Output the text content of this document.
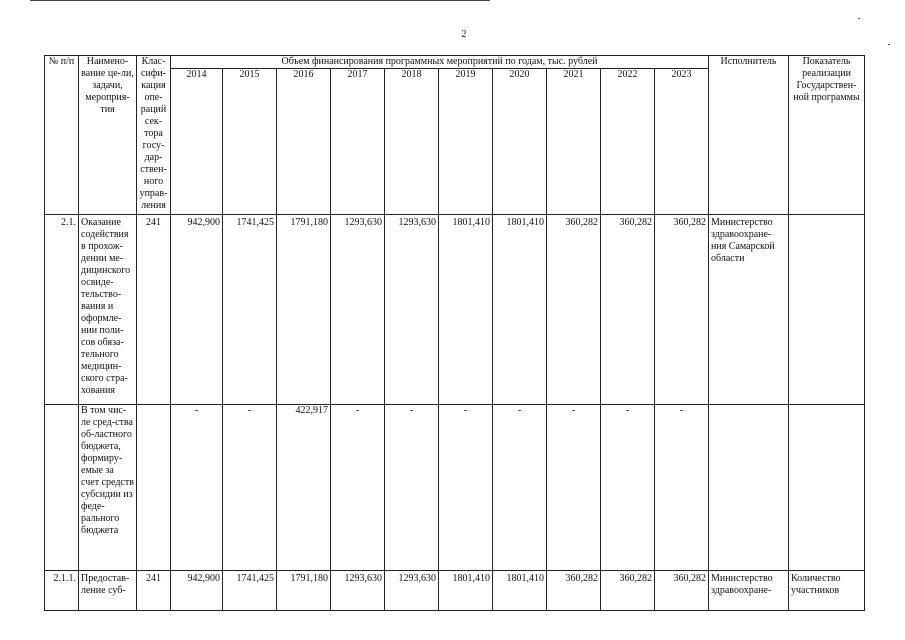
2
№ п/п	Наимено-вание це-ли, задачи, мероприя-тия	Клас-сифи-кация опе-раций сек-тора госу-дар-ствен-ного управ-ления	Объем финансирования программных мероприятий по годам, тыс. рублей										Исполнитель	Показатель реализации Государствен-ной программы
			2014	2015	2016	2017	2018	2019	2020	2021	2022	2023		
2.1.	Оказание содействия в прохож-дении ме-дицинского освиде-тельство-вания и оформле-нии поли-сов обяза-тельного медицин-ского стра-хования	241	942,900	1741,425	1791,180	1293,630	1293,630	1801,410	1801,410	360,282	360,282	360,282	Министерство здравоохране-ния Самарской области	
	В том чис-ле сред-ства об-ластного бюджета, формиру-емые за счет средств субсидии из феде-рального бюджета		-	-	422,917	-	-	-	-	-	-	-		
2.1.1.	Предостав-ление суб-	241	942,900	1741,425	1791,180	1293,630	1293,630	1801,410	1801,410	360,282	360,282	360,282	Министерство здравоохране-	Количество участников
